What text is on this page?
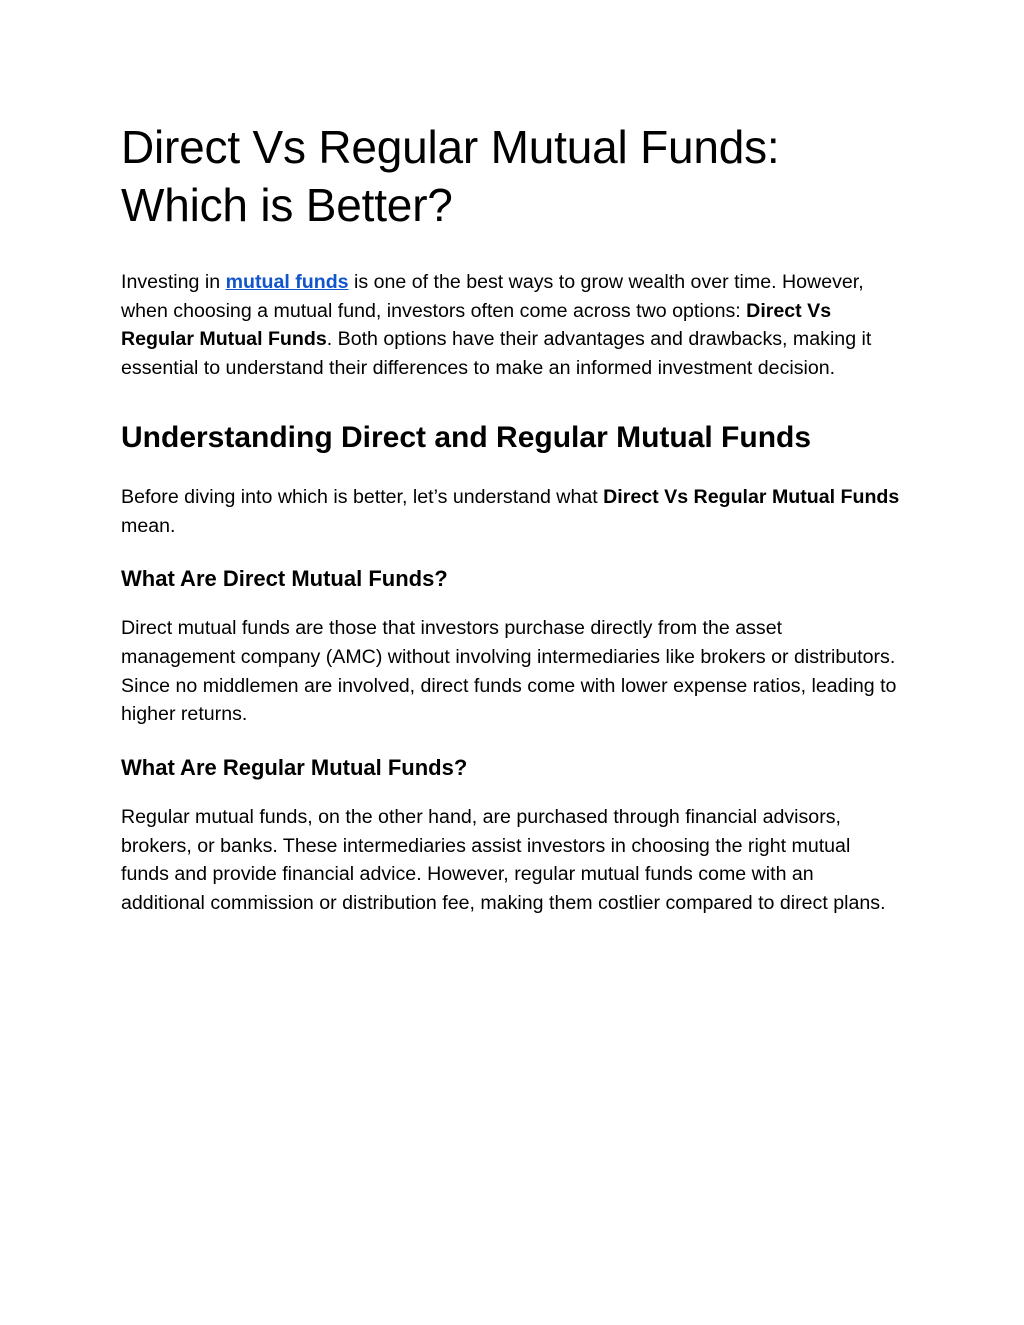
Direct Vs Regular Mutual Funds:
Which is Better?

Investing in mutual funds is one of the best ways to grow wealth over time. However, when choosing a mutual fund, investors often come across two options: Direct Vs Regular Mutual Funds. Both options have their advantages and drawbacks, making it essential to understand their differences to make an informed investment decision.

Understanding Direct and Regular Mutual Funds

Before diving into which is better, let’s understand what Direct Vs Regular Mutual Funds mean.

What Are Direct Mutual Funds?

Direct mutual funds are those that investors purchase directly from the asset management company (AMC) without involving intermediaries like brokers or distributors. Since no middlemen are involved, direct funds come with lower expense ratios, leading to higher returns.

What Are Regular Mutual Funds?

Regular mutual funds, on the other hand, are purchased through financial advisors, brokers, or banks. These intermediaries assist investors in choosing the right mutual funds and provide financial advice. However, regular mutual funds come with an additional commission or distribution fee, making them costlier compared to direct plans.
